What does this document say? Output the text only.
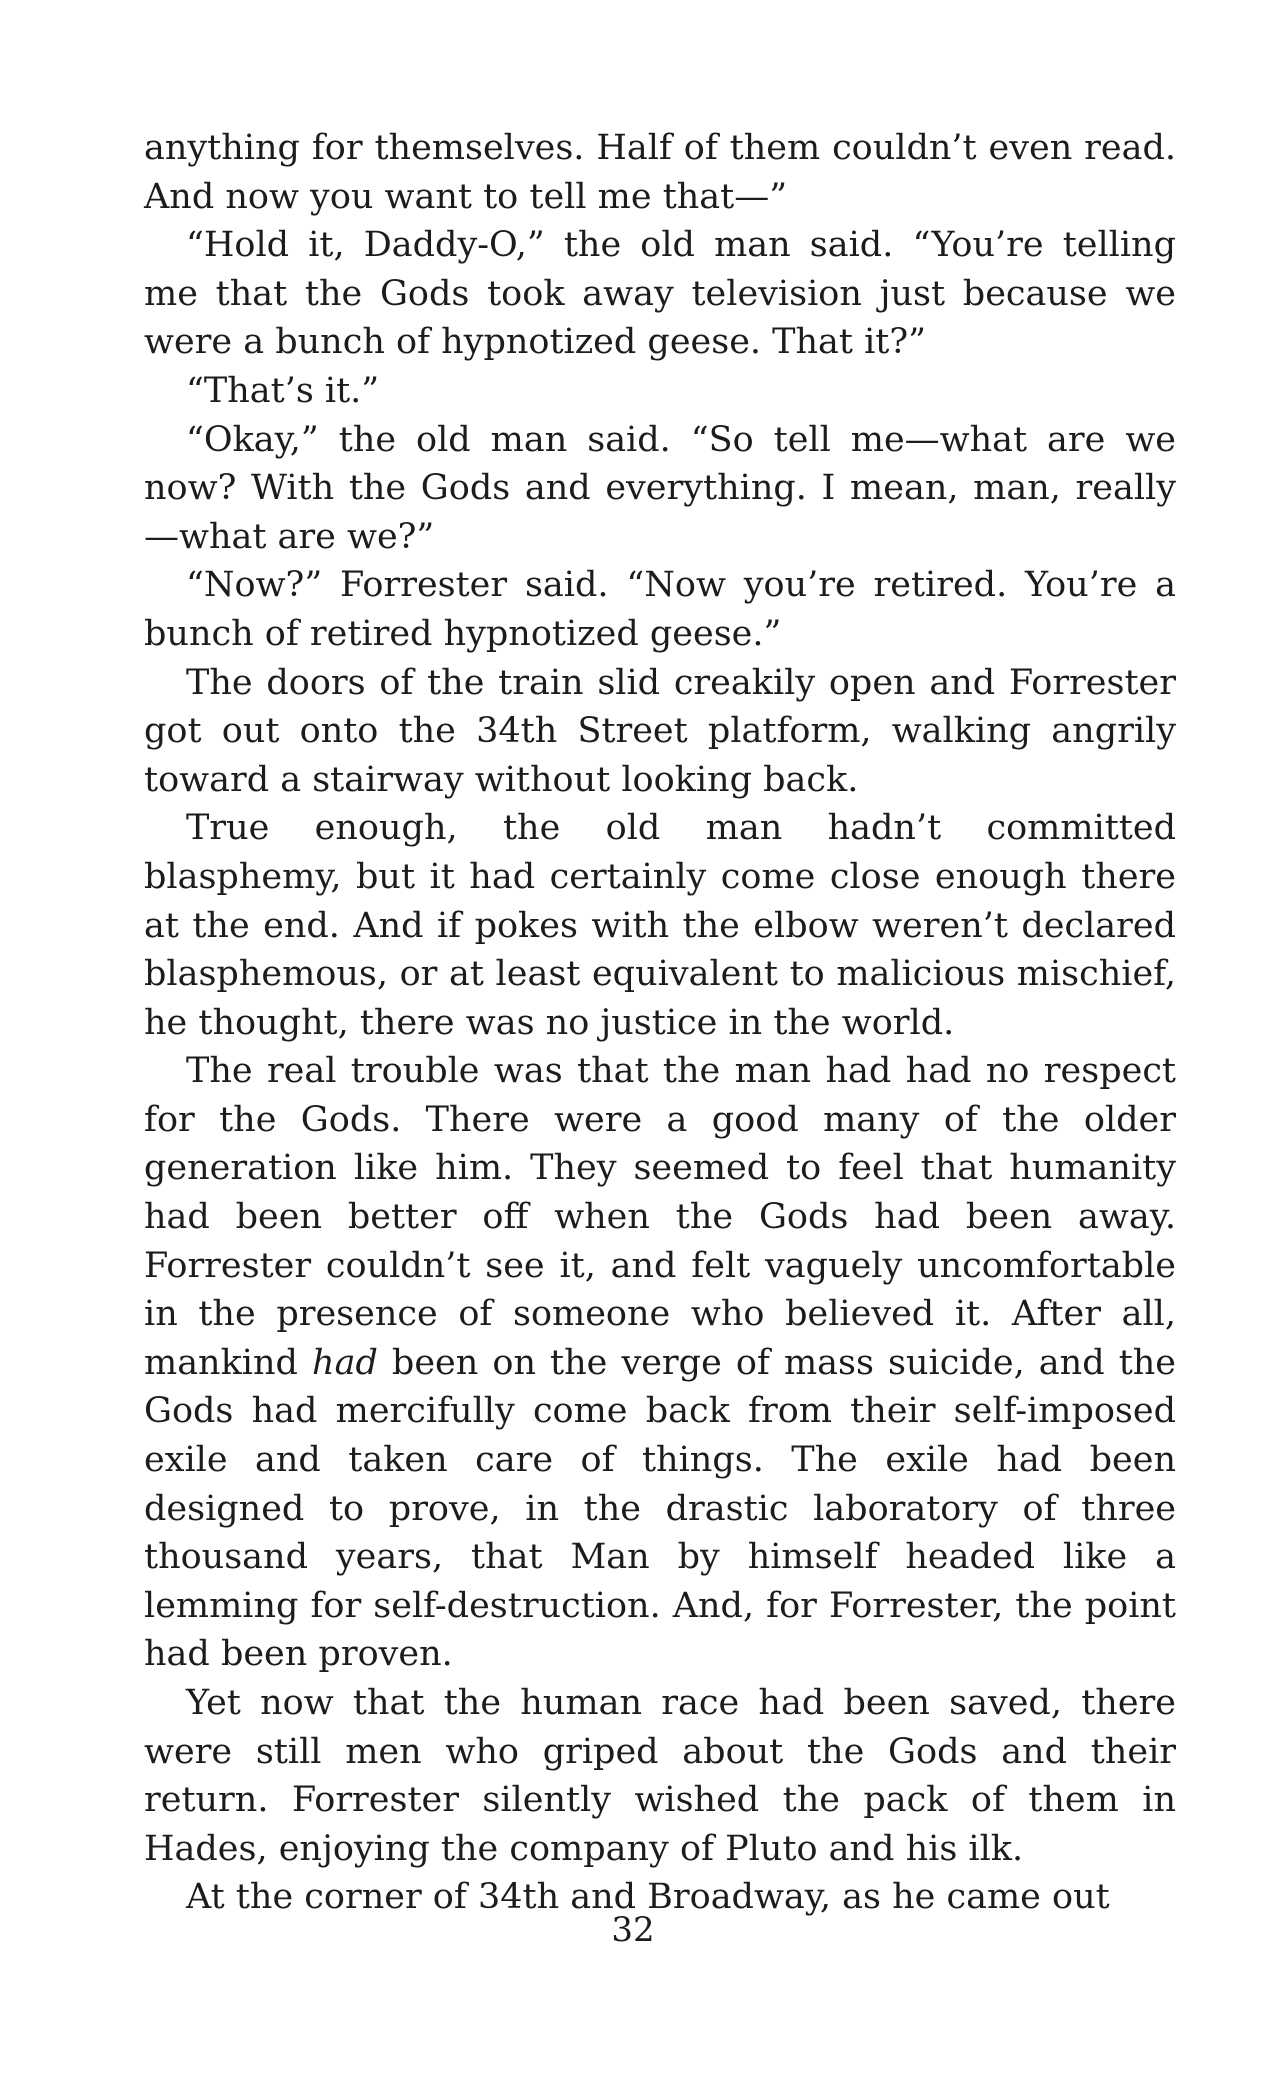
anything for themselves. Half of them couldn’t even read. And now you want to tell me that—”

“Hold it, Daddy-O,” the old man said. “You’re telling me that the Gods took away television just because we were a bunch of hypnotized geese. That it?”

“That’s it.”

“Okay,” the old man said. “So tell me—what are we now? With the Gods and everything. I mean, man, really—what are we?”

“Now?” Forrester said. “Now you’re retired. You’re a bunch of retired hypnotized geese.”

The doors of the train slid creakily open and Forrester got out onto the 34th Street platform, walking angrily toward a stairway without looking back.

True enough, the old man hadn’t committed blasphemy, but it had certainly come close enough there at the end. And if pokes with the elbow weren’t declared blasphemous, or at least equivalent to malicious mischief, he thought, there was no justice in the world.

The real trouble was that the man had had no respect for the Gods. There were a good many of the older generation like him. They seemed to feel that humanity had been better off when the Gods had been away. Forrester couldn’t see it, and felt vaguely uncomfortable in the presence of someone who believed it. After all, mankind had been on the verge of mass suicide, and the Gods had mercifully come back from their self-imposed exile and taken care of things. The exile had been designed to prove, in the drastic laboratory of three thousand years, that Man by himself headed like a lemming for self-destruction. And, for Forrester, the point had been proven.

Yet now that the human race had been saved, there were still men who griped about the Gods and their return. Forrester silently wished the pack of them in Hades, enjoying the company of Pluto and his ilk.

At the corner of 34th and Broadway, as he came out

32
